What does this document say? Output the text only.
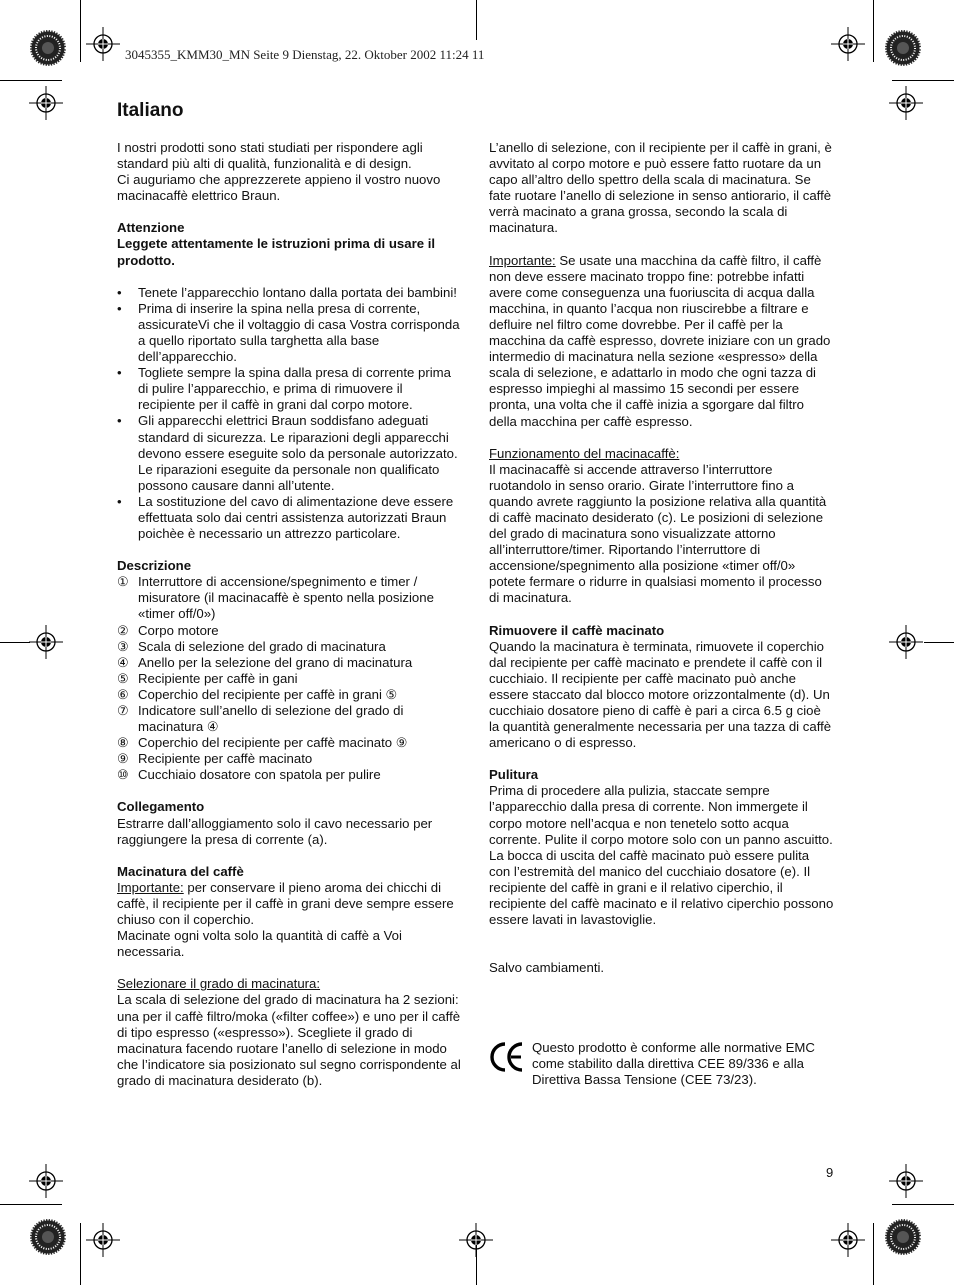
3045355_KMM30_MN Seite 9 Dienstag, 22. Oktober 2002 11:24 11
Italiano

I nostri prodotti sono stati studiati per rispondere agli standard più alti di qualità, funzionalità e di design.

Ci auguriamo che apprezzerete appieno il vostro nuovo macinacaffè elettrico Braun.

Attenzione

Leggete attentamente le istruzioni prima di usare il prodotto.

• Tenete l’apparecchio lontano dalla portata dei bambini!
• Prima di inserire la spina nella presa di corrente, assicurateVi che il voltaggio di casa Vostra corrisponda a quello riportato sulla targhetta alla base dell’apparecchio.
• Togliete sempre la spina dalla presa di corrente prima di pulire l’apparecchio, e prima di rimuovere il recipiente per il caffè in grani dal corpo motore.
• Gli apparecchi elettrici Braun soddisfano adeguati standard di sicurezza. Le riparazioni degli apparecchi devono essere eseguite solo da personale autorizzato. Le riparazioni eseguite da personale non qualificato possono causare danni all’utente.
• La sostituzione del cavo di alimentazione deve essere effettuata solo dai centri assistenza autorizzati Braun poichèe è necessario un attrezzo particolare.

Descrizione

① Interruttore di accensione/spegnimento e timer / misuratore (il macinacaffè è spento nella posizione «timer off/0»)
② Corpo motore
③ Scala di selezione del grado di macinatura
④ Anello per la selezione del grano di macinatura
⑤ Recipiente per caffè in gani
⑥ Coperchio del recipiente per caffè in grani ⑤
⑦ Indicatore sull’anello di selezione del grado di macinatura ④
⑧ Coperchio del recipiente per caffè macinato ⑨
⑨ Recipiente per caffè macinato
⑩ Cucchiaio dosatore con spatola per pulire

Collegamento

Estrarre dall’alloggiamento solo il cavo necessario per raggiungere la presa di corrente (a).

Macinatura del caffè

Importante: per conservare il pieno aroma dei chicchi di caffè, il recipiente per il caffè in grani deve sempre essere chiuso con il coperchio.

Macinate ogni volta solo la quantità di caffè a Voi necessaria.

Selezionare il grado di macinatura:

La scala di selezione del grado di macinatura ha 2 sezioni: una per il caffè filtro/moka («filter coffee») e uno per il caffè di tipo espresso («espresso»). Scegliete il grado di macinatura facendo ruotare l’anello di selezione in modo che l’indicatore sia posizionato sul segno corrispondente al grado di macinatura desiderato (b).

L’anello di selezione, con il recipiente per il caffè in grani, è avvitato al corpo motore e può essere fatto ruotare da un capo all’altro dello spettro della scala di macinatura. Se fate ruotare l’anello di selezione in senso antiorario, il caffè verrà macinato a grana grossa, secondo la scala di macinatura.

Importante: Se usate una macchina da caffè filtro, il caffè non deve essere macinato troppo fine: potrebbe infatti avere come conseguenza una fuoriuscita di acqua dalla macchina, in quanto l’acqua non riuscirebbe a filtrare e defluire nel filtro come dovrebbe. Per il caffè per la macchina da caffè espresso, dovrete iniziare con un grado intermedio di macinatura nella sezione «espresso» della scala di selezione, e adattarlo in modo che ogni tazza di espresso impieghi al massimo 15 secondi per essere pronta, una volta che il caffè inizia a sgorgare dal filtro della macchina per caffè espresso.

Funzionamento del macinacaffè:

Il macinacaffè si accende attraverso l’interruttore ruotandolo in senso orario. Girate l’interruttore fino a quando avrete raggiunto la posizione relativa alla quantità di caffè macinato desiderato (c). Le posizioni di selezione del grado di macinatura sono visualizzate attorno all’interruttore/timer. Riportando l’interruttore di accensione/spegnimento alla posizione «timer off/0» potete fermare o ridurre in qualsiasi momento il processo di macinatura.

Rimuovere il caffè macinato

Quando la macinatura è terminata, rimuovete il coperchio dal recipiente per caffè macinato e prendete il caffè con il cucchiaio. Il recipiente per caffè macinato può anche essere staccato dal blocco motore orizzontalmente (d). Un cucchiaio dosatore pieno di caffè è pari a circa 6.5 g cioè la quantità generalmente necessaria per una tazza di caffè americano o di espresso.

Pulitura

Prima di procedere alla pulizia, staccate sempre l’apparecchio dalla presa di corrente. Non immergete il corpo motore nell’acqua e non tenetelo sotto acqua corrente. Pulite il corpo motore solo con un panno ascuitto. La bocca di uscita del caffè macinato può essere pulita con l’estremità del manico del cucchiaio dosatore (e). Il recipiente del caffè in grani e il relativo ciperchio, il recipiente del caffè macinato e il relativo ciperchio possono essere lavati in lavastoviglie.

Salvo cambiamenti.

Questo prodotto è conforme alle normative EMC come stabilito dalla direttiva CEE 89/336 e alla Direttiva Bassa Tensione (CEE 73/23).

9
